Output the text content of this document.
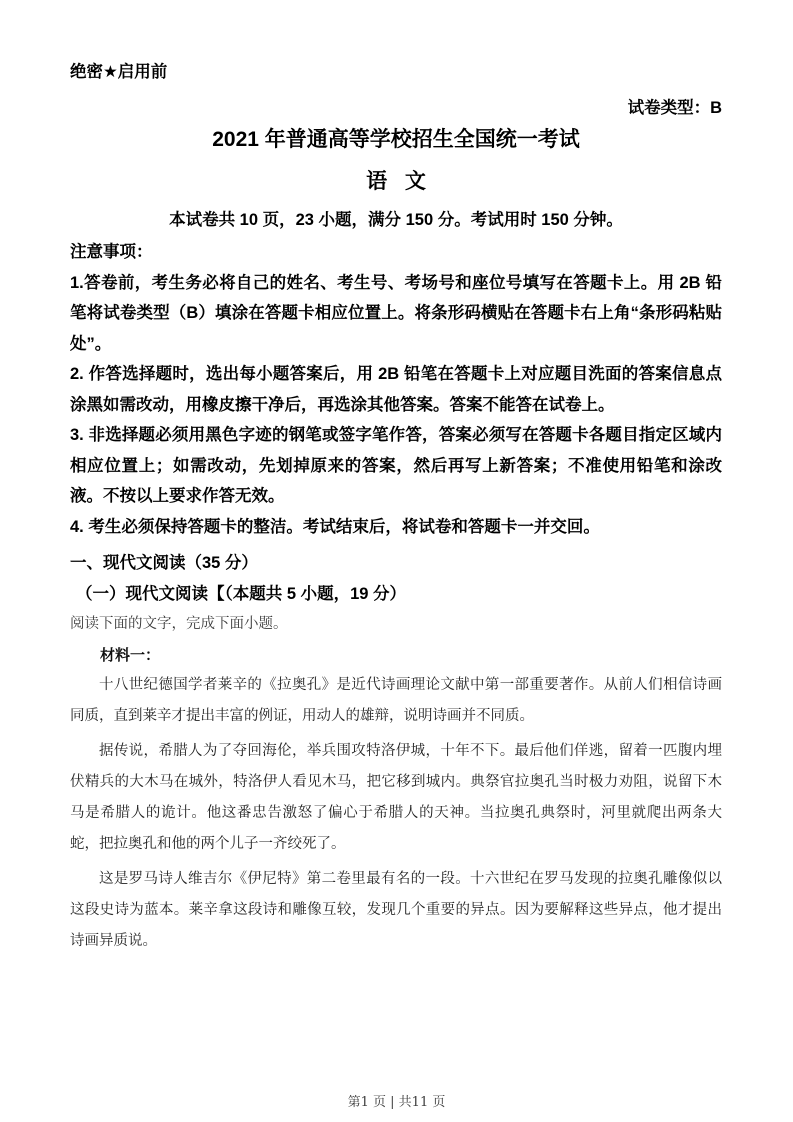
绝密★启用前
试卷类型：B
2021 年普通高等学校招生全国统一考试
语 文
本试卷共 10 页，23 小题，满分 150 分。考试用时 150 分钟。
注意事项：

1.答卷前，考生务必将自己的姓名、考生号、考场号和座位号填写在答题卡上。用 2B 铅笔将试卷类型（B）填涂在答题卡相应位置上。将条形码横贴在答题卡右上角“条形码粘贴处”。

2. 作答选择题时，选出每小题答案后，用 2B 铅笔在答题卡上对应题目洗面的答案信息点涂黑如需改动，用橡皮擦干净后，再选涂其他答案。答案不能答在试卷上。

3. 非选择题必须用黑色字迹的钢笔或签字笔作答，答案必须写在答题卡各题目指定区域内相应位置上；如需改动，先划掉原来的答案，然后再写上新答案；不准使用铅笔和涂改液。不按以上要求作答无效。

4. 考生必须保持答题卡的整洁。考试结束后，将试卷和答题卡一并交回。

一、现代文阅读（35 分）
（一）现代文阅读【（本题共 5 小题，19 分）

阅读下面的文字，完成下面小题。

材料一：

十八世纪德国学者莱辛的《拉奥孔》是近代诗画理论文献中第一部重要著作。从前人们相信诗画同质，直到莱辛才提出丰富的例证，用动人的雄辩，说明诗画并不同质。

据传说，希腊人为了夺回海伦，举兵围攻特洛伊城，十年不下。最后他们佯逃，留着一匹腹内埋伏精兵的大木马在城外，特洛伊人看见木马，把它移到城内。典祭官拉奥孔当时极力劝阻，说留下木马是希腊人的诡计。他这番忠告激怒了偏心于希腊人的天神。当拉奥孔典祭时，河里就爬出两条大蛇，把拉奥孔和他的两个儿子一齐绞死了。

这是罗马诗人维吉尔《伊尼特》第二卷里最有名的一段。十六世纪在罗马发现的拉奥孔雕像似以这段史诗为蓝本。莱辛拿这段诗和雕像互较，发现几个重要的异点。因为要解释这些异点，他才提出诗画异质说。

第1 页 | 共11 页
